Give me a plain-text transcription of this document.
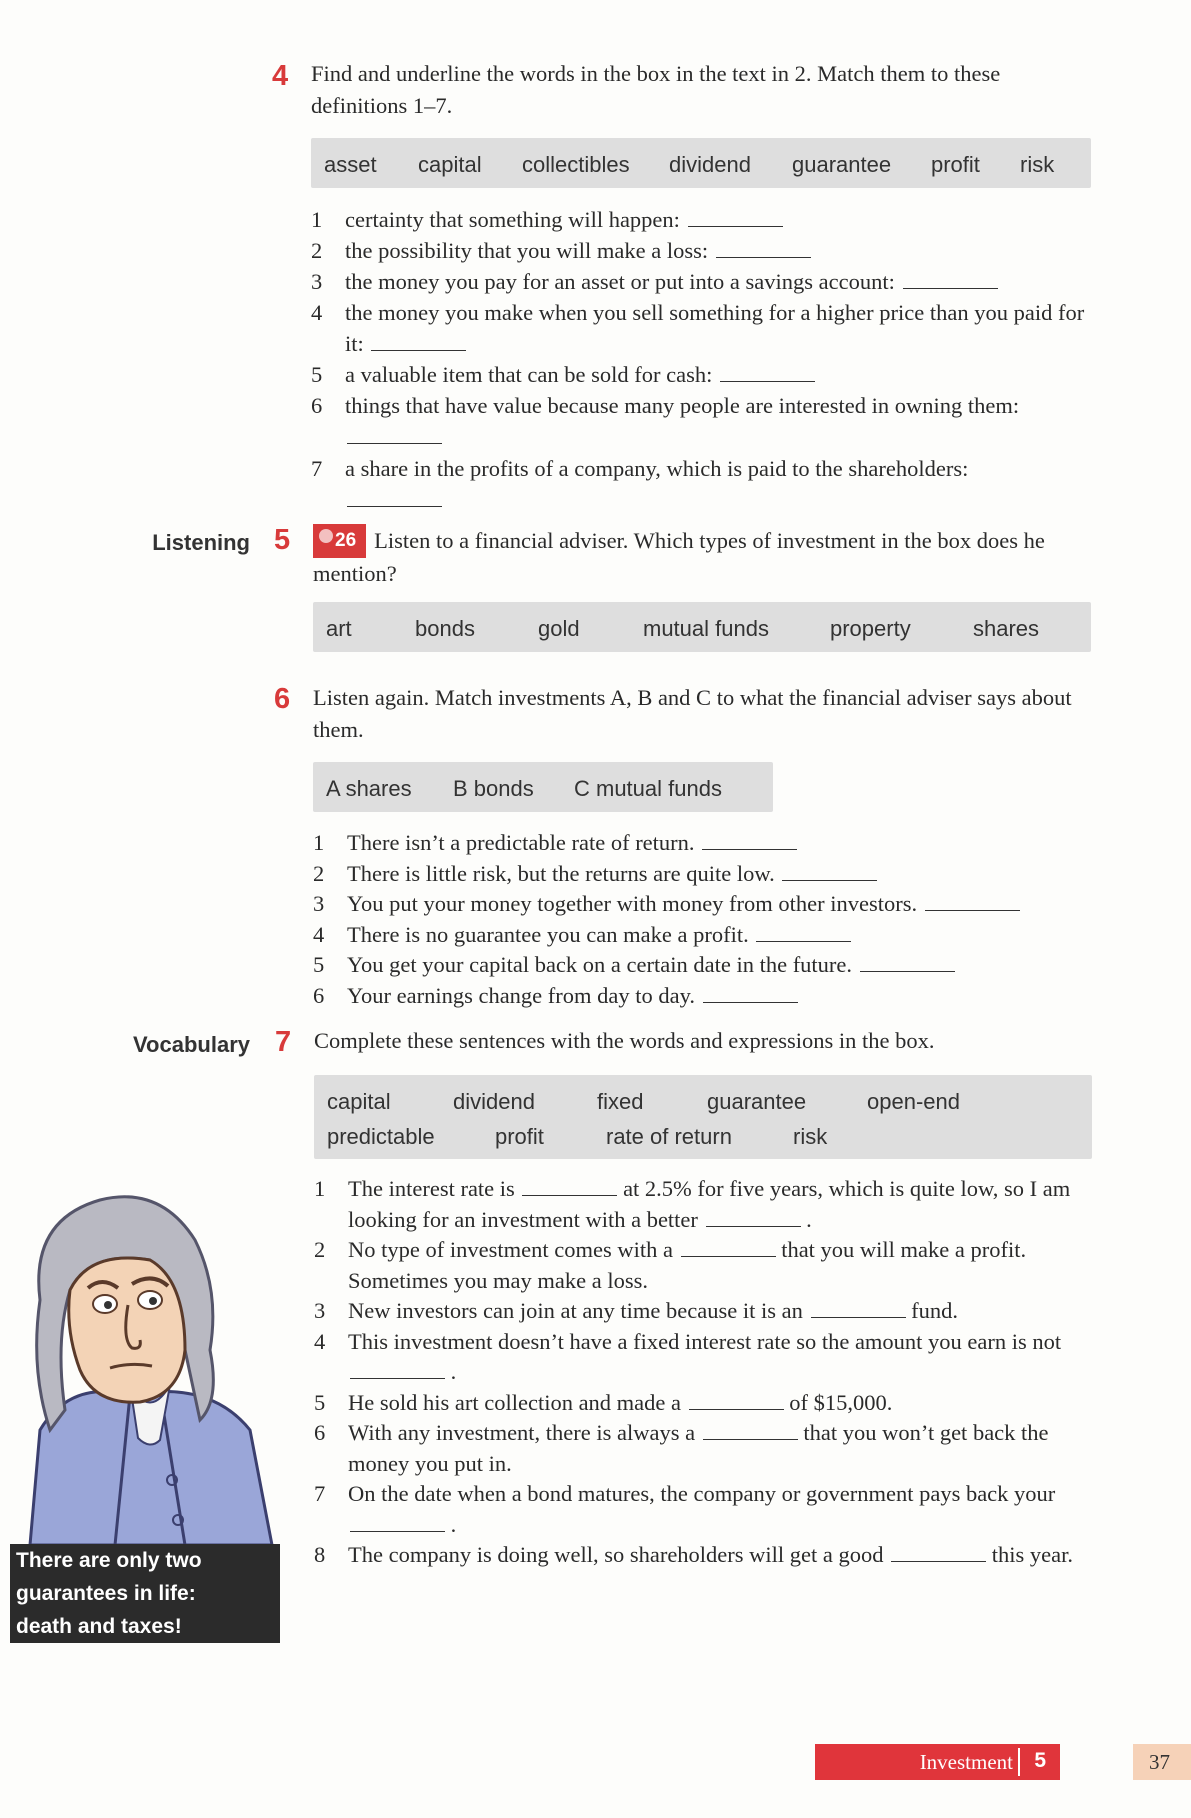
4 Find and underline the words in the box in the text in 2. Match them to these definitions 1–7.
asset capital collectibles dividend guarantee profit risk
1 certainty that something will happen:
2 the possibility that you will make a loss:
3 the money you pay for an asset or put into a savings account:
4 the money you make when you sell something for a higher price than you paid for it:
5 a valuable item that can be sold for cash:
6 things that have value because many people are interested in owning them:
7 a share in the profits of a company, which is paid to the shareholders:
Listening 5	26 Listen to a financial adviser. Which types of investment in the box does he mention?
art	bonds	gold	mutual funds	property	shares
6 Listen again. Match investments A, B and C to what the financial adviser says about them.
A shares B bonds C mutual funds
1 There isn’t a predictable rate of return.
2 There is little risk, but the returns are quite low.
3 You put your money together with money from other investors.
4 There is no guarantee you can make a profit.
5 You get your capital back on a certain date in the future.
6 Your earnings change from day to day.
Vocabulary 7 Complete these sentences with the words and expressions in the box.
capital	dividend	fixed	guarantee	open-end
predictable	profit	rate of return	risk
1 The interest rate is	at 2.5% for five years, which is quite low, so I am looking for an investment with a better	.
2 No type of investment comes with a	that you will make a profit. Sometimes you may make a loss.
3 New investors can join at any time because it is an	fund.
4 This investment doesn’t have a fixed interest rate so the amount you earn is not  .
5 He sold his art collection and made a	of $15,000.
6 With any investment, there is always a	that you won’t get back the money you put in.
7 On the date when a bond matures, the company or government pays back your  .
8 The company is doing well, so shareholders will get a good	this year.
There are only two
guarantees in life:
death and taxes!
Investment 5	37
